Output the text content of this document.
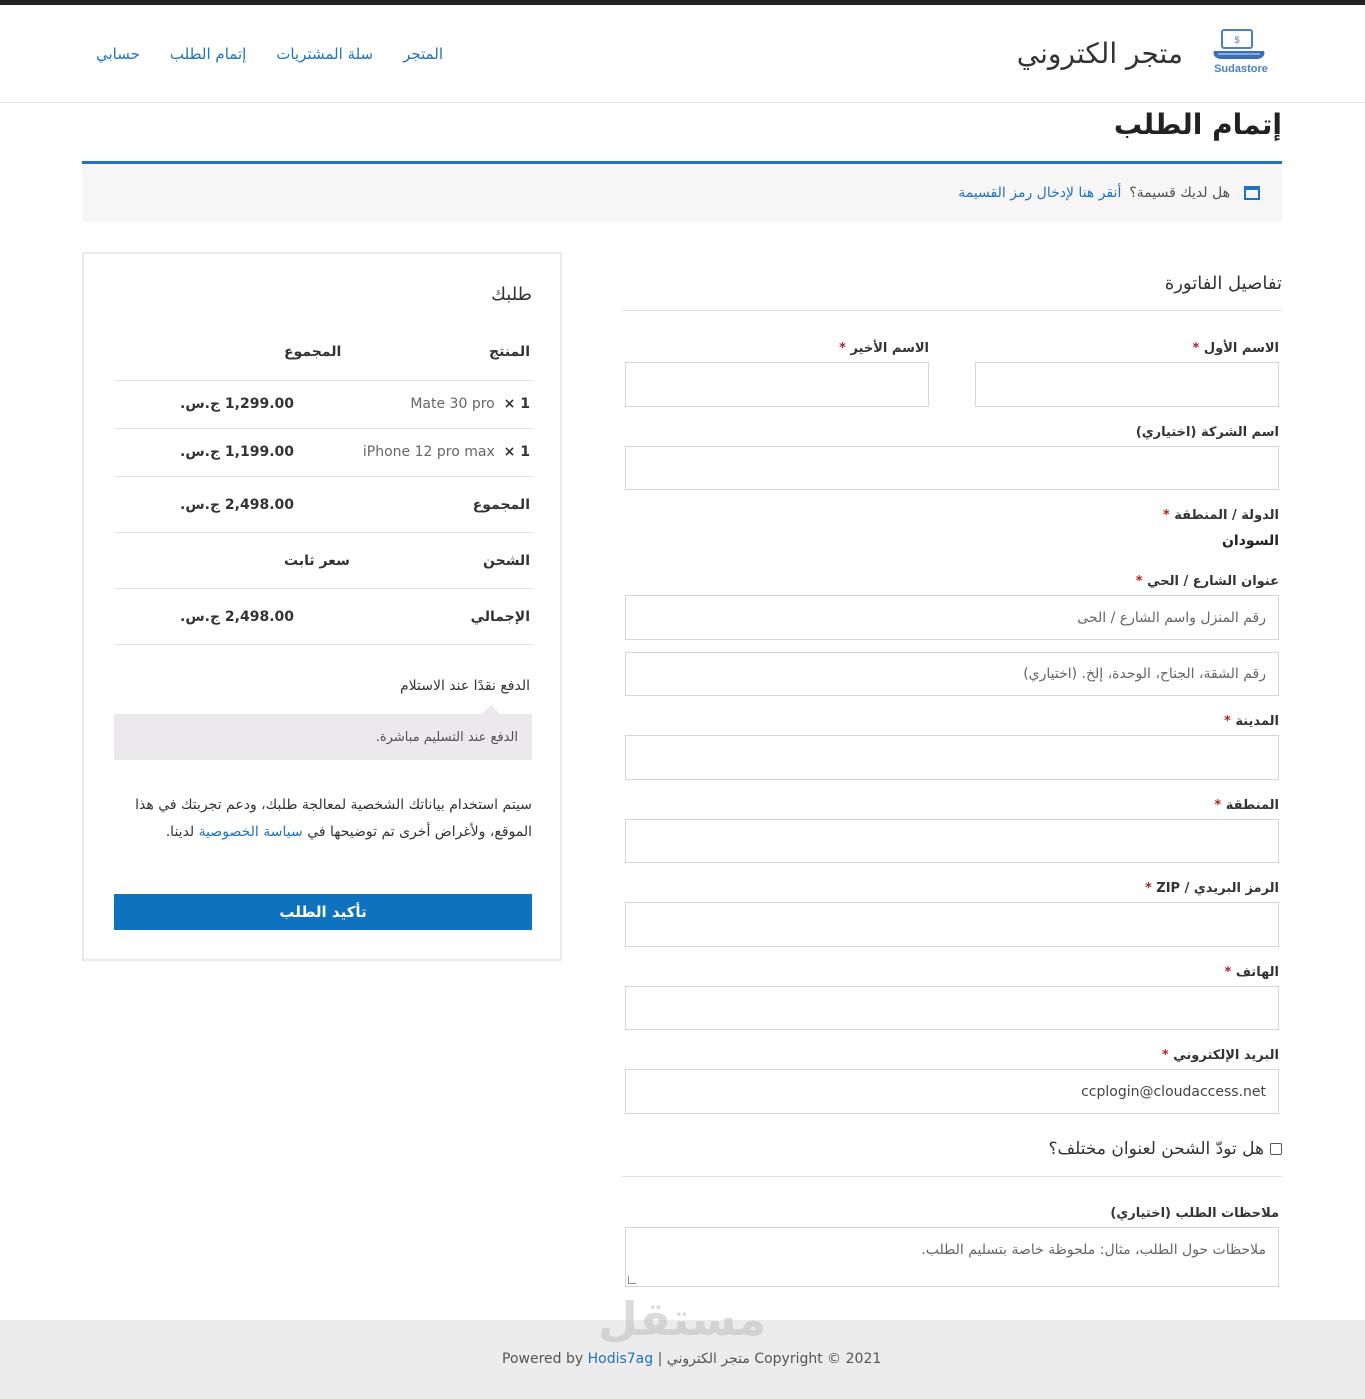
$
Sudastore
متجر الكتروني
المتجر
سلة المشتريات
إتمام الطلب
حسابي
إتمام الطلب
هل لديك قسيمة؟
أنقر هنا لإدخال رمز القسيمة
تفاصيل الفاتورة
الاسم الأول *
الاسم الأخير *
اسم الشركة (اختياري)
الدولة / المنطقة *
السودان
عنوان الشارع / الحي *
رقم المنزل واسم الشارع / الحى
رقم الشقة، الجناح، الوحدة، إلخ. (اختياري)
المدينة *
المنطقة *
الرمز البريدي / ZIP *
الهاتف *
البريد الإلكتروني *
ccplogin@cloudaccess.net
هل تودّ الشحن لعنوان مختلف؟
ملاحظات الطلب (اختياري)
ملاحظات حول الطلب، مثال: ملحوظة خاصة بتسليم الطلب.
طلبك
المنتج
المجموع
1 ×  Mate 30 pro
1,299.00 ج.س.
1 ×  iPhone 12 pro max
1,199.00 ج.س.
المجموع
2,498.00 ج.س.
الشحن
سعر ثابت
الإجمالي
2,498.00 ج.س.
الدفع نقدًا عند الاستلام
الدفع عند التسليم مباشرة.
سيتم استخدام بياناتك الشخصية لمعالجة طلبك، ودعم تجربتك في هذا الموقع، ولأغراض أخرى تم توضيحها في سياسة الخصوصية لدينا.
تأكيد الطلب
مستقل
Powered by Hodis7ag Copyright © 2021 متجر الكتروني |
